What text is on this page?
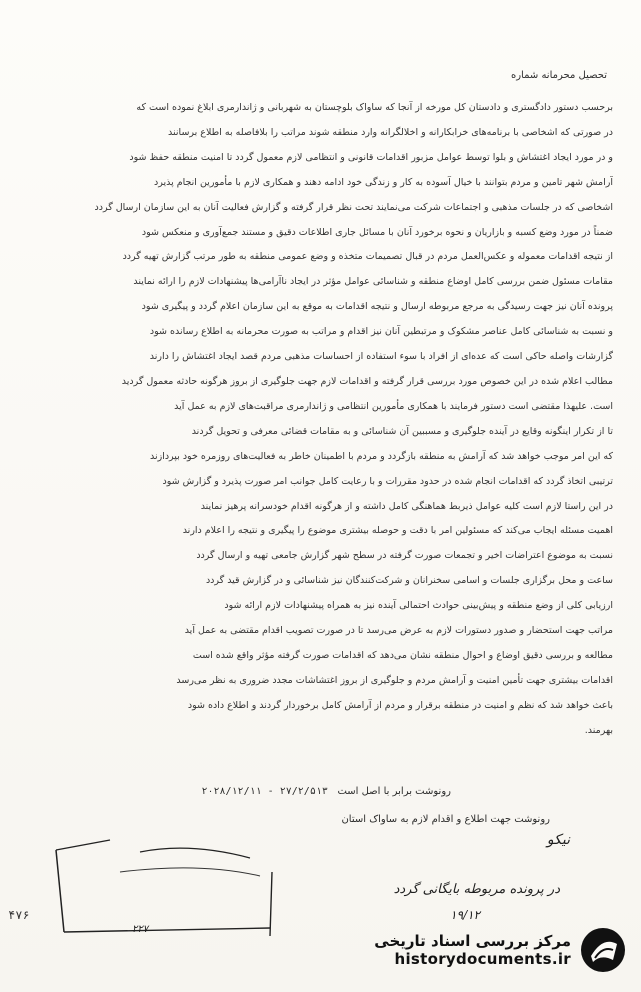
تحصیل محرمانه شماره

برحسب دستور دادگستری و دادستان کل مورخه از آنجا که ساواک بلوچستان به شهربانی و ژاندارمری ابلاغ نموده است که

در صورتی که اشخاصی با برنامه‌های خرابکارانه و اخلالگرانه وارد منطقه شوند مراتب را بلافاصله به اطلاع برسانند

و در مورد ایجاد اغتشاش و بلوا توسط عوامل مزبور اقدامات قانونی و انتظامی لازم معمول گردد تا امنیت منطقه حفظ شود

آرامش شهر تامین و مردم بتوانند با خیال آسوده به کار و زندگی خود ادامه دهند و همکاری لازم با مأمورین انجام پذیرد

اشخاصی که در جلسات مذهبی و اجتماعات شرکت می‌نمایند تحت نظر قرار گرفته و گزارش فعالیت آنان به این سازمان ارسال گردد

ضمناً در مورد وضع کسبه و بازاریان و نحوه برخورد آنان با مسائل جاری اطلاعات دقیق و مستند جمع‌آوری و منعکس شود

از نتیجه اقدامات معموله و عکس‌العمل مردم در قبال تصمیمات متخذه و وضع عمومی منطقه به طور مرتب گزارش تهیه گردد

مقامات مسئول ضمن بررسی کامل اوضاع منطقه و شناسائی عوامل مؤثر در ایجاد ناآرامی‌ها پیشنهادات لازم را ارائه نمایند

پرونده آنان نیز جهت رسیدگی به مرجع مربوطه ارسال و نتیجه اقدامات به موقع به این سازمان اعلام گردد و پیگیری شود

و نسبت به شناسائی کامل عناصر مشکوک و مرتبطین آنان نیز اقدام و مراتب به صورت محرمانه به اطلاع رسانده شود

گزارشات واصله حاکی است که عده‌ای از افراد با سوء استفاده از احساسات مذهبی مردم قصد ایجاد اغتشاش را دارند

مطالب اعلام شده در این خصوص مورد بررسی قرار گرفته و اقدامات لازم جهت جلوگیری از بروز هرگونه حادثه معمول گردید

است. علیهذا مقتضی است دستور فرمایند با همکاری مأمورین انتظامی و ژاندارمری مراقبت‌های لازم به عمل آید

تا از تکرار اینگونه وقایع در آینده جلوگیری و مسببین آن شناسائی و به مقامات قضائی معرفی و تحویل گردند

که این امر موجب خواهد شد که آرامش به منطقه بازگردد و مردم با اطمینان خاطر به فعالیت‌های روزمره خود بپردازند

ترتیبی اتخاذ گردد که اقدامات انجام شده در حدود مقررات و با رعایت کامل جوانب امر صورت پذیرد و گزارش شود

در این راستا لازم است کلیه عوامل ذیربط هماهنگی کامل داشته و از هرگونه اقدام خودسرانه پرهیز نمایند

اهمیت مسئله ایجاب می‌کند که مسئولین امر با دقت و حوصله بیشتری موضوع را پیگیری و نتیجه را اعلام دارند

نسبت به موضوع اعتراضات اخیر و تجمعات صورت گرفته در سطح شهر گزارش جامعی تهیه و ارسال گردد

ساعت و محل برگزاری جلسات و اسامی سخنرانان و شرکت‌کنندگان نیز شناسائی و در گزارش قید گردد

ارزیابی کلی از وضع منطقه و پیش‌بینی حوادث احتمالی آینده نیز به همراه پیشنهادات لازم ارائه شود

مراتب جهت استحضار و صدور دستورات لازم به عرض می‌رسد تا در صورت تصویب اقدام مقتضی به عمل آید

مطالعه و بررسی دقیق اوضاع و احوال منطقه نشان می‌دهد که اقدامات صورت گرفته مؤثر واقع شده است

اقدامات بیشتری جهت تأمین امنیت و آرامش مردم و جلوگیری از بروز اغتشاشات مجدد ضروری به نظر می‌رسد

باعث خواهد شد که نظم و امنیت در منطقه برقرار و مردم از آرامش کامل برخوردار گردند و اطلاع داده شود

بهرمند.

رونوشت برابر با اصل است   ۲۷/۲/۵۱۳ - ۲۰۲۸/۱۲/۱۱
رونوشت جهت اطلاع و اقدام لازم به ساواک استان
نیکو
در پرونده مربوطه بایگانی گردد
۱۹/۱۲
۲۲۷
۴۷۶
مرکز بررسی اسناد تاریخی
historydocuments.ir
